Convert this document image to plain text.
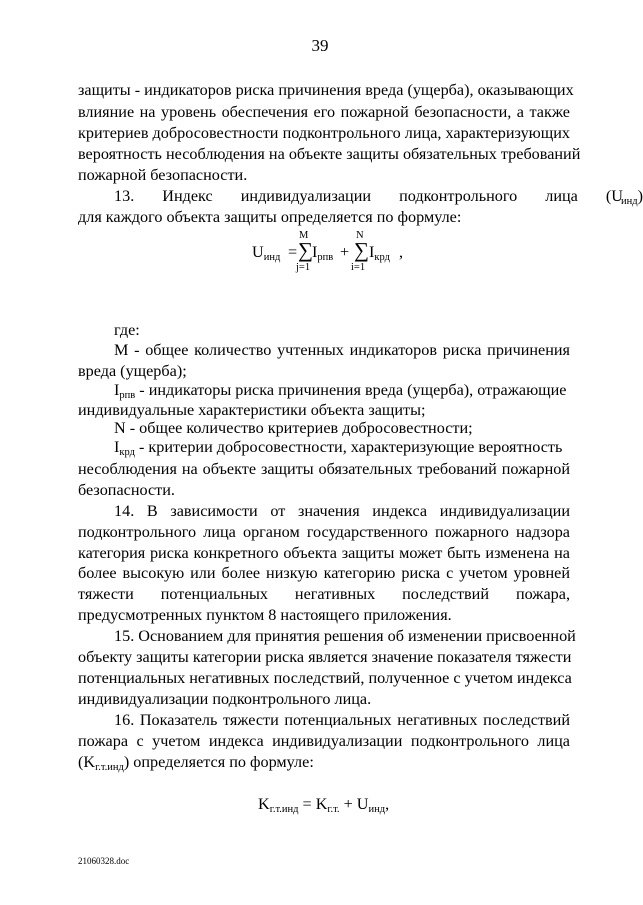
39
защиты - индикаторов риска причинения вреда (ущерба), оказывающих
влияние на уровень обеспечения его пожарной безопасности, а также
критериев добросовестности подконтрольного лица, характеризующих
вероятность несоблюдения на объекте защиты обязательных требований
пожарной безопасности.
13. Индекс индивидуализации подконтрольного лица (U
$_{инд}$)
для каждого объекта защиты определяется по формуле:
$U_{инд}$ =
M
∑
j=1
$I_{рпв}$ +
N
∑
i=1
$I_{крд}$ ,
где:
М - общее количество учтенных индикаторов риска причинения
вреда (ущерба);
$I_{рпв}$ - индикаторы риска причинения вреда (ущерба), отражающие
индивидуальные характеристики объекта защиты;
N - общее количество критериев добросовестности;
$I_{крд}$ - критерии добросовестности, характеризующие вероятность
несоблюдения на объекте защиты обязательных требований пожарной
безопасности.
14. В зависимости от значения индекса индивидуализации
подконтрольного лица органом государственного пожарного надзора
категория риска конкретного объекта защиты может быть изменена на
более высокую или более низкую категорию риска с учетом уровней
тяжести потенциальных негативных последствий пожара,
предусмотренных пунктом 8 настоящего приложения.
15. Основанием для принятия решения об изменении присвоенной
объекту защиты категории риска является значение показателя тяжести
потенциальных негативных последствий, полученное с учетом индекса
индивидуализации подконтрольного лица.
16. Показатель тяжести потенциальных негативных последствий
пожара с учетом индекса индивидуализации подконтрольного лица
$(K_{г.т.инд})$ определяется по формуле:
$K_{г.т.инд} = K_{г.т.} + U_{инд}$,
21060328.doc
